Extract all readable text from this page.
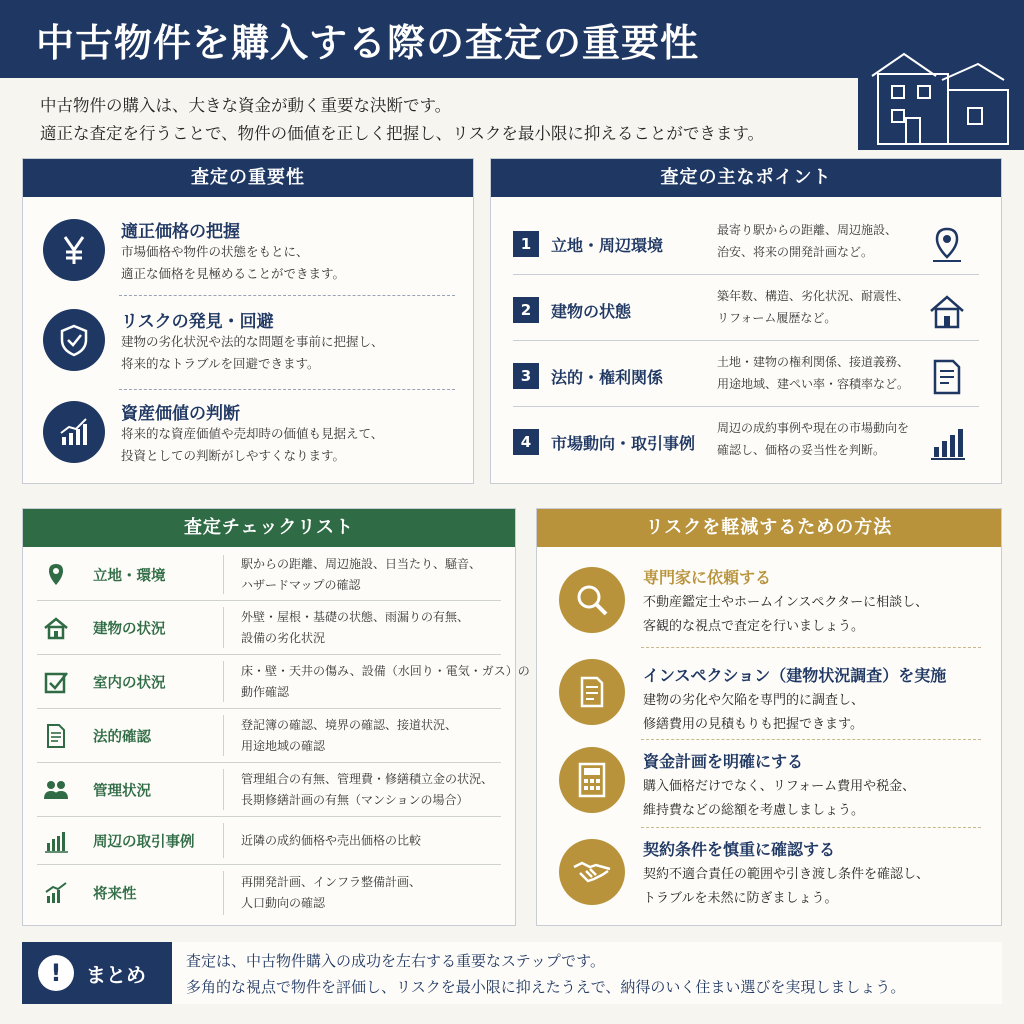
中古物件を購入する際の査定の重要性
中古物件の購入は、大きな資金が動く重要な決断です。
適正な査定を行うことで、物件の価値を正しく把握し、リスクを最小限に抑えることができます。
査定の重要性
適正価格の把握
市場価格や物件の状態をもとに、
適正な価格を見極めることができます。
リスクの発見・回避
建物の劣化状況や法的な問題を事前に把握し、
将来的なトラブルを回避できます。
資産価値の判断
将来的な資産価値や売却時の価値も見据えて、
投資としての判断がしやすくなります。
査定の主なポイント
1	立地・周辺環境
最寄り駅からの距離、周辺施設、
治安、将来の開発計画など。
2	建物の状態
築年数、構造、劣化状況、耐震性、
リフォーム履歴など。
3	法的・権利関係
土地・建物の権利関係、接道義務、
用途地域、建ぺい率・容積率など。
4	市場動向・取引事例
周辺の成約事例や現在の市場動向を
確認し、価格の妥当性を判断。
査定チェックリスト
立地・環境
駅からの距離、周辺施設、日当たり、騒音、
ハザードマップの確認
建物の状況
外壁・屋根・基礎の状態、雨漏りの有無、
設備の劣化状況
室内の状況
床・壁・天井の傷み、設備（水回り・電気・ガス）の
動作確認
法的確認
登記簿の確認、境界の確認、接道状況、
用途地域の確認
管理状況
管理組合の有無、管理費・修繕積立金の状況、
長期修繕計画の有無（マンションの場合）
周辺の取引事例	近隣の成約価格や売出価格の比較
将来性
再開発計画、インフラ整備計画、
人口動向の確認
リスクを軽減するための方法
専門家に依頼する
不動産鑑定士やホームインスペクターに相談し、
客観的な視点で査定を行いましょう。
インスペクション（建物状況調査）を実施
建物の劣化や欠陥を専門的に調査し、
修繕費用の見積もりも把握できます。
資金計画を明確にする
購入価格だけでなく、リフォーム費用や税金、
維持費などの総額を考慮しましょう。
契約条件を慎重に確認する
契約不適合責任の範囲や引き渡し条件を確認し、
トラブルを未然に防ぎましょう。
!	まとめ
査定は、中古物件購入の成功を左右する重要なステップです。
多角的な視点で物件を評価し、リスクを最小限に抑えたうえで、納得のいく住まい選びを実現しましょう。
